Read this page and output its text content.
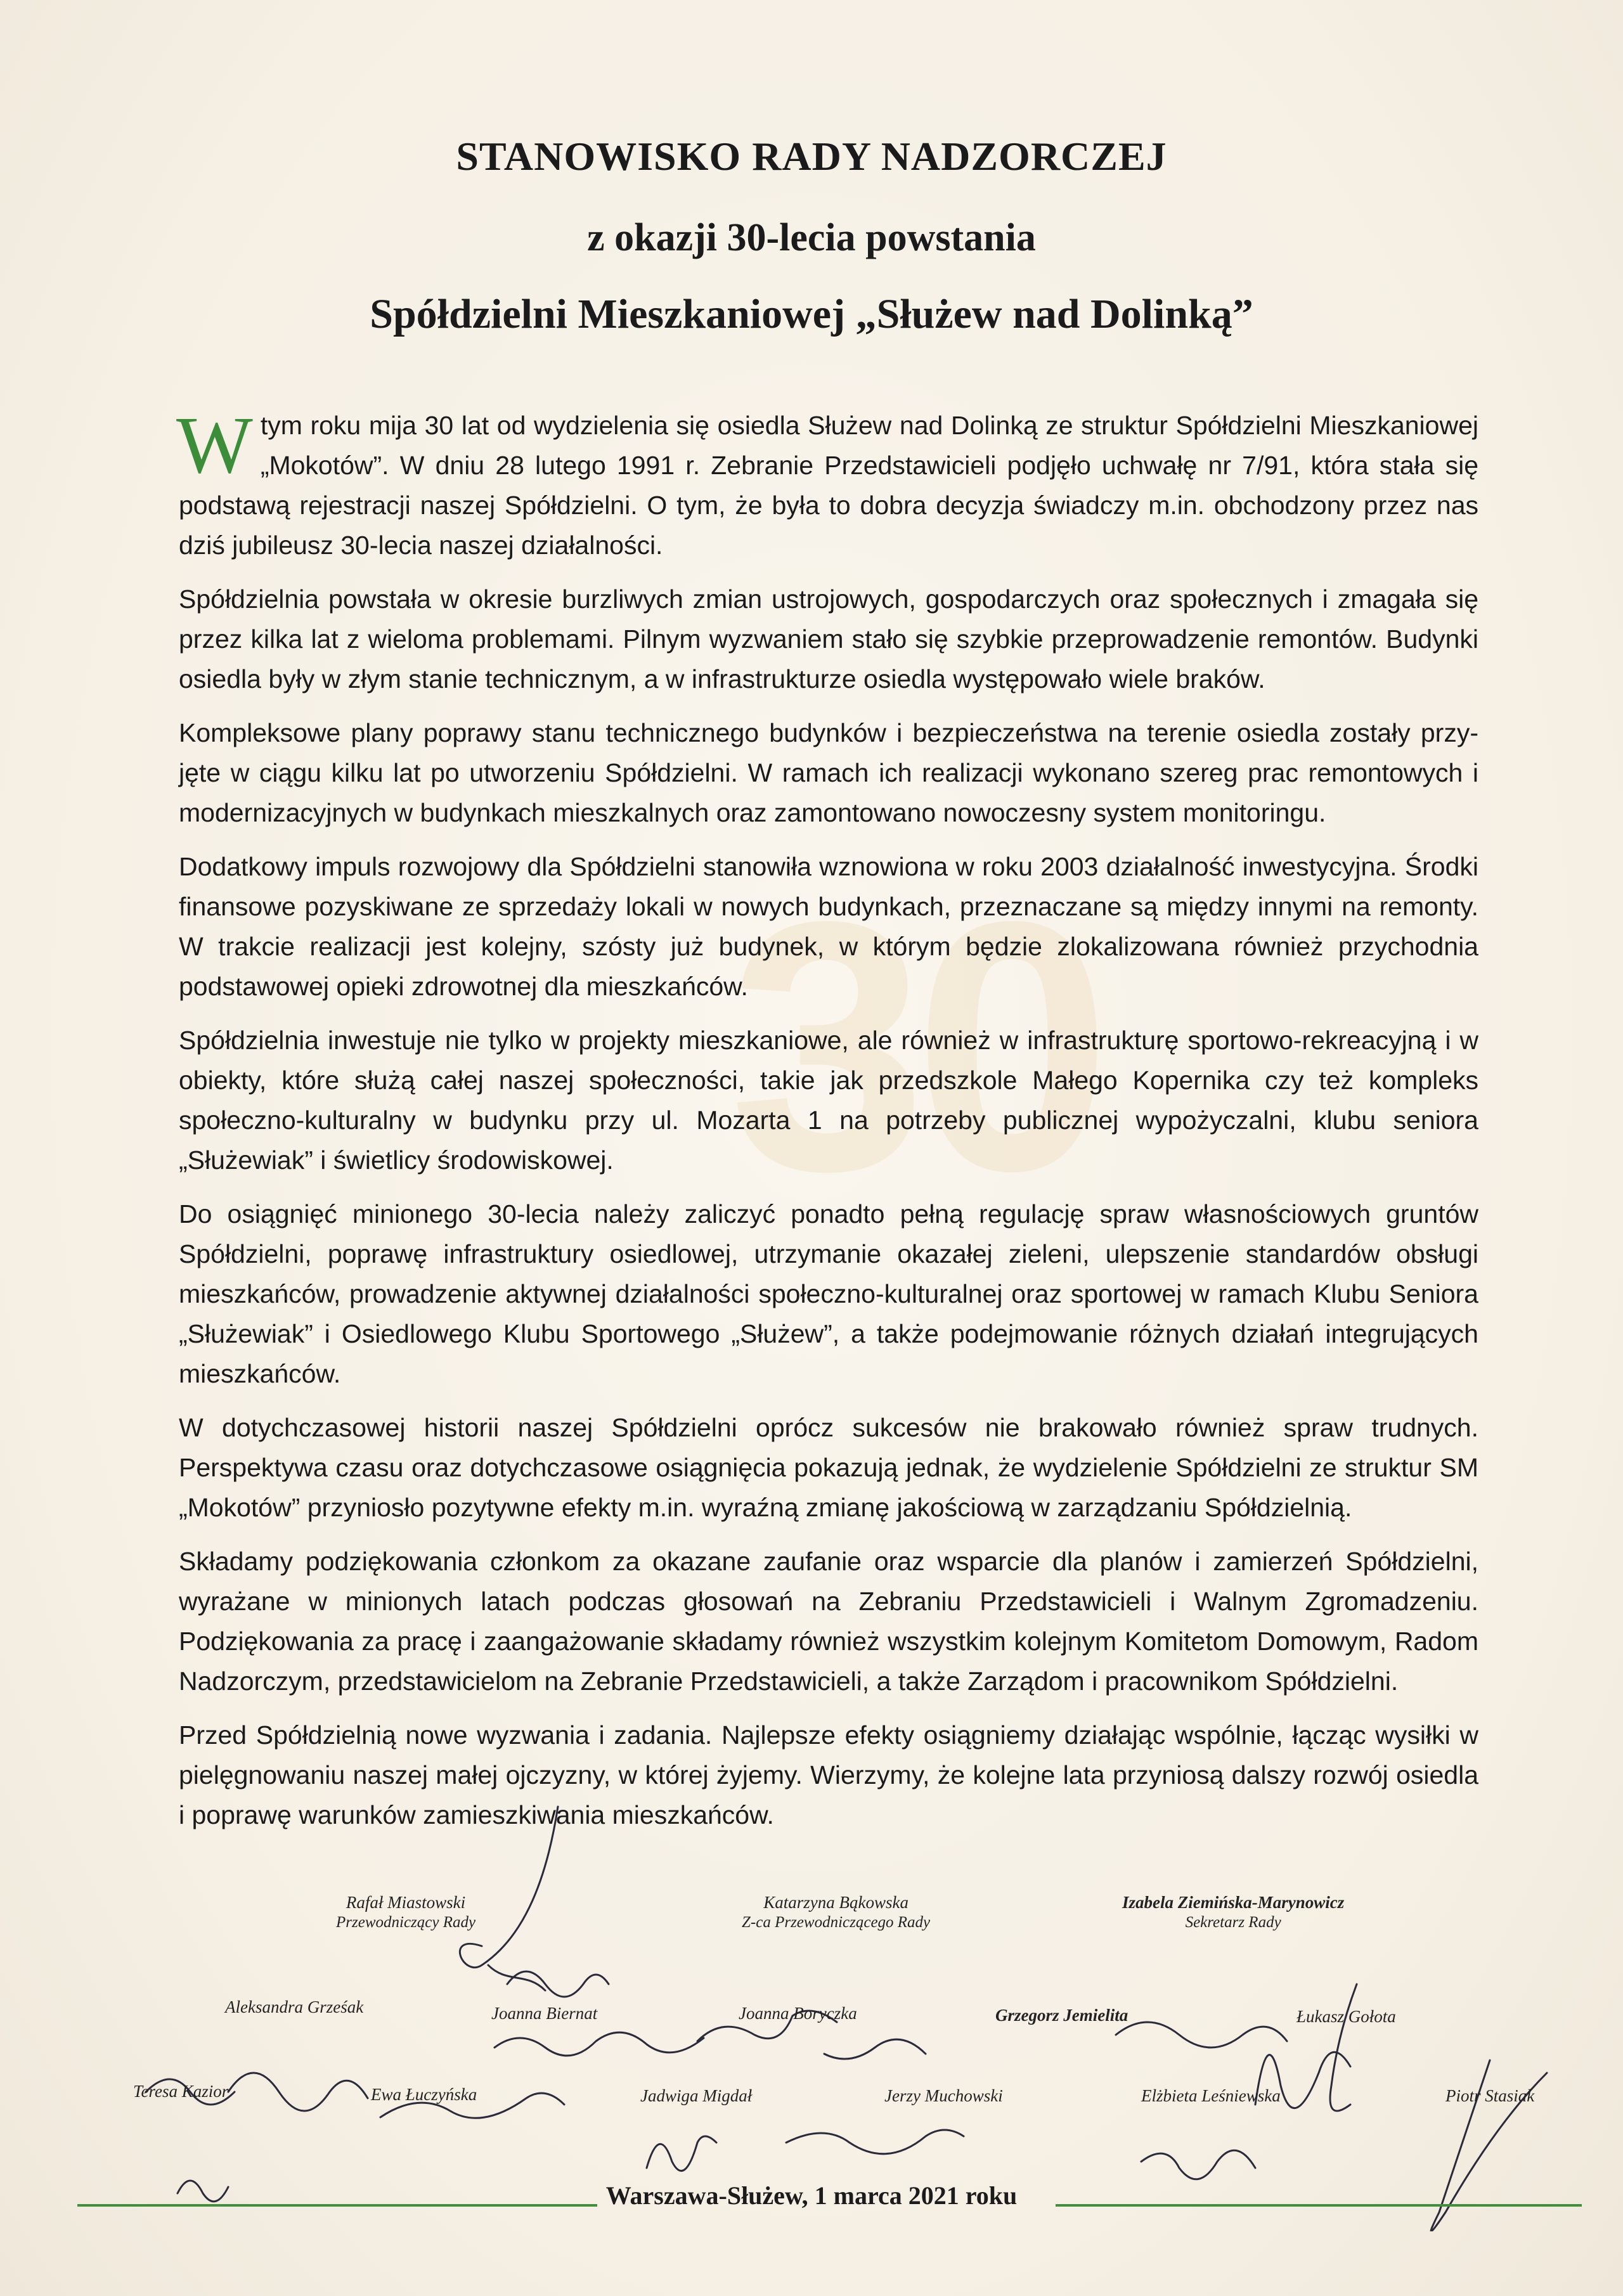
30
STANOWISKO RADY NADZORCZEJ
z okazji 30-lecia powstania
Spółdzielni Mieszkaniowej „Służew nad Dolinką”

Wtym roku mija 30 lat od wydzielenia się osiedla Służew nad Dolinką ze struktur Spółdzielni Mieszkaniowej „Mokotów”. W dniu 28 lutego 1991 r. Zebranie Przedstawicieli podjęło uchwałę nr 7/91, która stała się podstawą rejestracji naszej Spółdzielni. O tym, że była to dobra decyzja świadczy m.in. obchodzony przez nas dziś jubileusz 30-lecia naszej działalności.

Spółdzielnia powstała w okresie burzliwych zmian ustrojowych, gospodarczych oraz społecznych i zmagała się przez kilka lat z wieloma problemami. Pilnym wyzwaniem stało się szybkie przeprowadzenie remontów. Budynki osiedla były w złym stanie technicznym, a w infrastrukturze osiedla występowało wiele braków.

Kompleksowe plany poprawy stanu technicznego budynków i bezpieczeństwa na terenie osiedla zostały przy-jęte w ciągu kilku lat po utworzeniu Spółdzielni. W ramach ich realizacji wykonano szereg prac remontowych i modernizacyjnych w budynkach mieszkalnych oraz zamontowano nowoczesny system monitoringu.

Dodatkowy impuls rozwojowy dla Spółdzielni stanowiła wznowiona w roku 2003 działalność inwestycyjna. Środki finansowe pozyskiwane ze sprzedaży lokali w nowych budynkach, przeznaczane są między innymi na remonty. W trakcie realizacji jest kolejny, szósty już budynek, w którym będzie zlokalizowana również przychodnia podstawowej opieki zdrowotnej dla mieszkańców.

Spółdzielnia inwestuje nie tylko w projekty mieszkaniowe, ale również w infrastrukturę sportowo-rekreacyjną i w obiekty, które służą całej naszej społeczności, takie jak przedszkole Małego Kopernika czy też kompleks społeczno-kulturalny w budynku przy ul. Mozarta 1 na potrzeby publicznej wypożyczalni, klubu seniora „Służewiak” i świetlicy środowiskowej.

Do osiągnięć minionego 30-lecia należy zaliczyć ponadto pełną regulację spraw własnościowych gruntów Spółdzielni, poprawę infrastruktury osiedlowej, utrzymanie okazałej zieleni, ulepszenie standardów obsługi mieszkańców, prowadzenie aktywnej działalności społeczno-kulturalnej oraz sportowej w ramach Klubu Seniora „Służewiak” i Osiedlowego Klubu Sportowego „Służew”, a także podejmowanie różnych działań integrujących mieszkańców.

W dotychczasowej historii naszej Spółdzielni oprócz sukcesów nie brakowało również spraw trudnych. Perspektywa czasu oraz dotychczasowe osiągnięcia pokazują jednak, że wydzielenie Spółdzielni ze struktur SM „Mokotów” przyniosło pozytywne efekty m.in. wyraźną zmianę jakościową w zarządzaniu Spółdzielnią.

Składamy podziękowania członkom za okazane zaufanie oraz wsparcie dla planów i zamierzeń Spółdzielni, wyrażane w minionych latach podczas głosowań na Zebraniu Przedstawicieli i Walnym Zgromadzeniu. Podziękowania za pracę i zaangażowanie składamy również wszystkim kolejnym Komitetom Domowym, Radom Nadzorczym, przedstawicielom na Zebranie Przedstawicieli, a także Zarządom i pracownikom Spółdzielni.

Przed Spółdzielnią nowe wyzwania i zadania. Najlepsze efekty osiągniemy działając wspólnie, łącząc wysiłki w pielęgnowaniu naszej małej ojczyzny, w której żyjemy. Wierzymy, że kolejne lata przyniosą dalszy rozwój osiedla i poprawę warunków zamieszkiwania mieszkańców.

Rafał Miastowski
Przewodniczący Rady
Katarzyna Bąkowska
Z-ca Przewodniczącego Rady
Izabela Ziemińska-Marynowicz
Sekretarz Rady
Aleksandra Grześak	Joanna Biernat	Joanna Boryczka	Grzegorz Jemielita	Łukasz Gołota
Teresa Kazior	Ewa Łuczyńska	Jadwiga Migdał	Jerzy Muchowski	Elżbieta Leśniewska	Piotr Stasiak
Warszawa-Służew, 1 marca 2021 roku
